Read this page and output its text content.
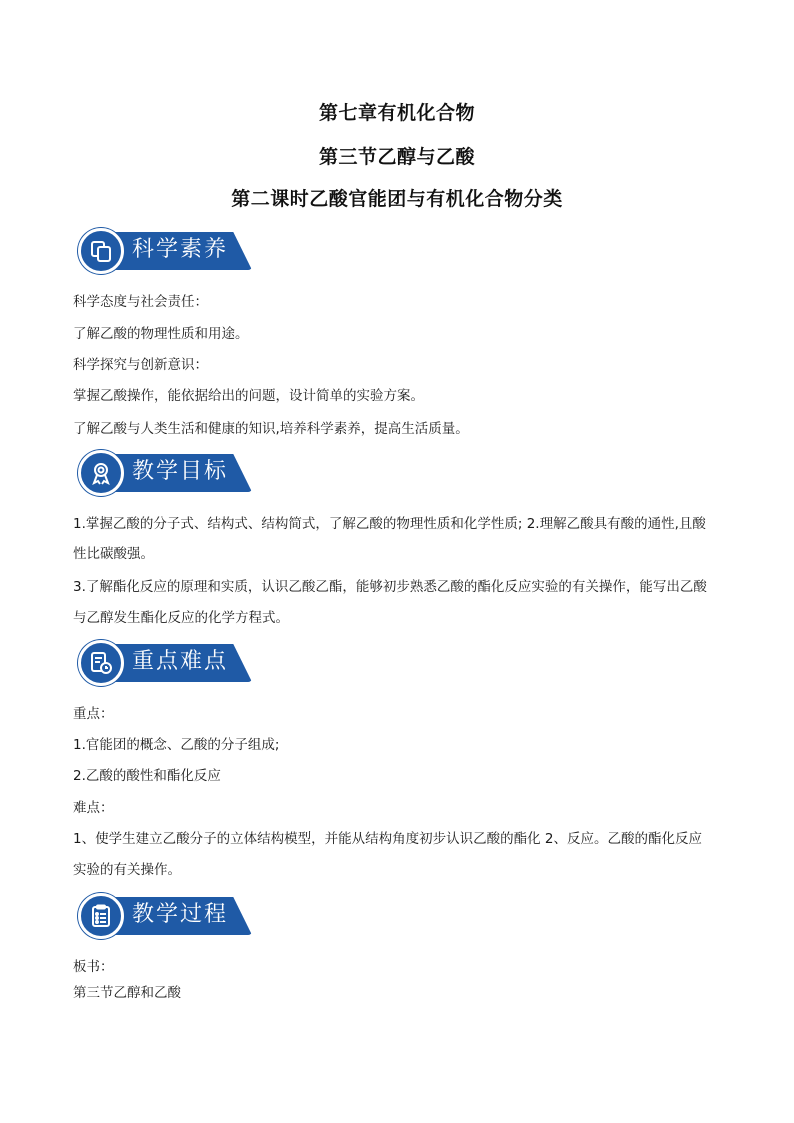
第七章有机化合物
第三节乙醇与乙酸
第二课时乙酸官能团与有机化合物分类
科学素养
科学态度与社会责任：
了解乙酸的物理性质和用途。
科学探究与创新意识：
掌握乙酸操作，能依据给出的问题，设计简单的实验方案。
了解乙酸与人类生活和健康的知识,培养科学素养，提高生活质量。
教学目标
1.掌握乙酸的分子式、结构式、结构简式，了解乙酸的物理性质和化学性质; 2.理解乙酸具有酸的通性,且酸
性比碳酸强。
3.了解酯化反应的原理和实质，认识乙酸乙酯，能够初步熟悉乙酸的酯化反应实验的有关操作，能写出乙酸
与乙醇发生酯化反应的化学方程式。
重点难点
重点：
1.官能团的概念、乙酸的分子组成;
2.乙酸的酸性和酯化反应
难点：
1、使学生建立乙酸分子的立体结构模型，并能从结构角度初步认识乙酸的酯化 2、反应。乙酸的酯化反应
实验的有关操作。
教学过程
板书：
第三节乙醇和乙酸
